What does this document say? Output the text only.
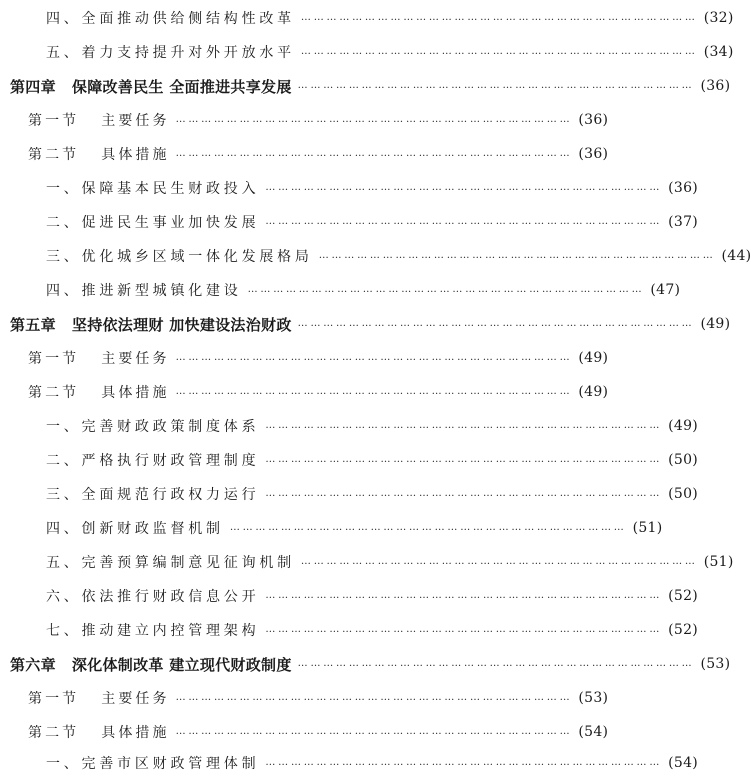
四、全面推动供给侧结构性改革 ………………………………………………………………………………… (32)
五、着力支持提升对外开放水平 ………………………………………………………………………………… (34)
第四章 保障改善民生 全面推进共享发展 ………………………………………………………………………………… (36)
第一节 主要任务 ………………………………………………………………………………… (36)
第二节 具体措施 ………………………………………………………………………………… (36)
一、保障基本民生财政投入 ………………………………………………………………………………… (36)
二、促进民生事业加快发展 ………………………………………………………………………………… (37)
三、优化城乡区域一体化发展格局 ………………………………………………………………………………… (44)
四、推进新型城镇化建设 ………………………………………………………………………………… (47)
第五章 坚持依法理财 加快建设法治财政 ………………………………………………………………………………… (49)
第一节 主要任务 ………………………………………………………………………………… (49)
第二节 具体措施 ………………………………………………………………………………… (49)
一、完善财政政策制度体系 ………………………………………………………………………………… (49)
二、严格执行财政管理制度 ………………………………………………………………………………… (50)
三、全面规范行政权力运行 ………………………………………………………………………………… (50)
四、创新财政监督机制 ………………………………………………………………………………… (51)
五、完善预算编制意见征询机制 ………………………………………………………………………………… (51)
六、依法推行财政信息公开 ………………………………………………………………………………… (52)
七、推动建立内控管理架构 ………………………………………………………………………………… (52)
第六章 深化体制改革 建立现代财政制度 ………………………………………………………………………………… (53)
第一节 主要任务 ………………………………………………………………………………… (53)
第二节 具体措施 ………………………………………………………………………………… (54)
一、完善市区财政管理体制 ………………………………………………………………………………… (54)
